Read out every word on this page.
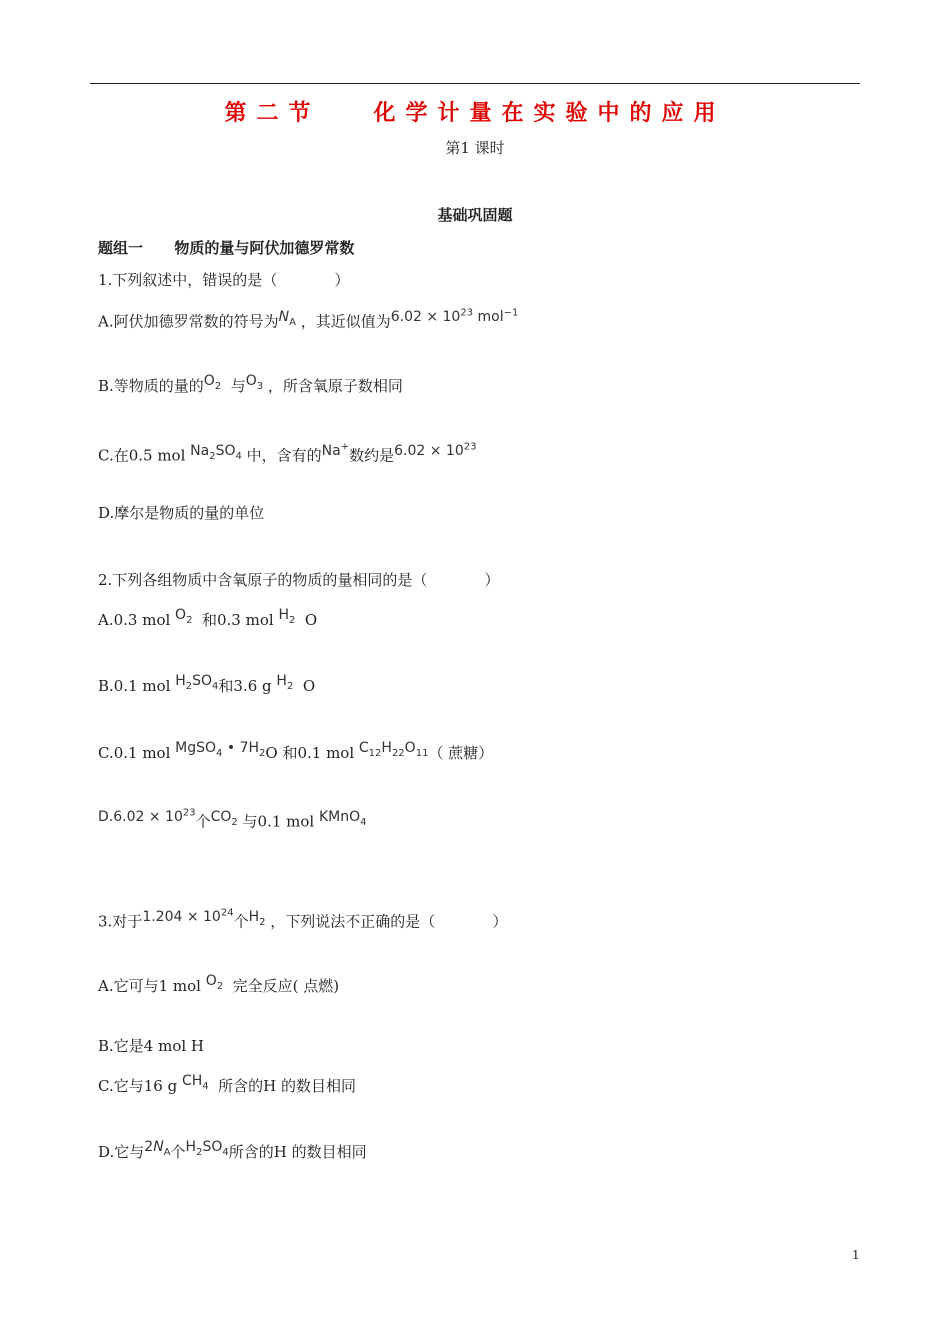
第二节   化学计量在实验中的应用
第1 课时
基础巩固题
题组一      物质的量与阿伏加德罗常数
1.下列叙述中，错误的是（            ）
A.阿伏加德罗常数的符号为$N_A$ ，其近似值为$6.02 \times 10^{23}$ mol$^{-1}$
B.等物质的量的$O_2$  与$O_3$ ，所含氧原子数相同
C.在0.5 mol $Na_2SO_4$ 中，含有的Na+数约是$6.02 \times 10^{23}$
D.摩尔是物质的量的单位
2.下列各组物质中含氧原子的物质的量相同的是（            ）
A.0.3 mol $O_2$  和0.3 mol $H_2$  O
B.0.1 mol $H_2SO_4$和3.6 g $H_2$  O
C.0.1 mol MgSO$_4$ • $7H_2O$ 和0.1 mol $C_{12}H_{22}O_{11}$（ 蔗糖）
$D.6.02 \times 10^{23}$个$CO_2$ 与0.1 mol KMnO$_4$
3.对于$1.204 \times 10^{24}$个$H_2$ ，下列说法不正确的是（            ）
A.它可与1 mol $O_2$  完全反应( 点燃)
B.它是4 mol H
C.它与16 g $CH_4$  所含的H 的数目相同
D.它与$2N_A$个$H_2SO_4$所含的H 的数目相同
1
